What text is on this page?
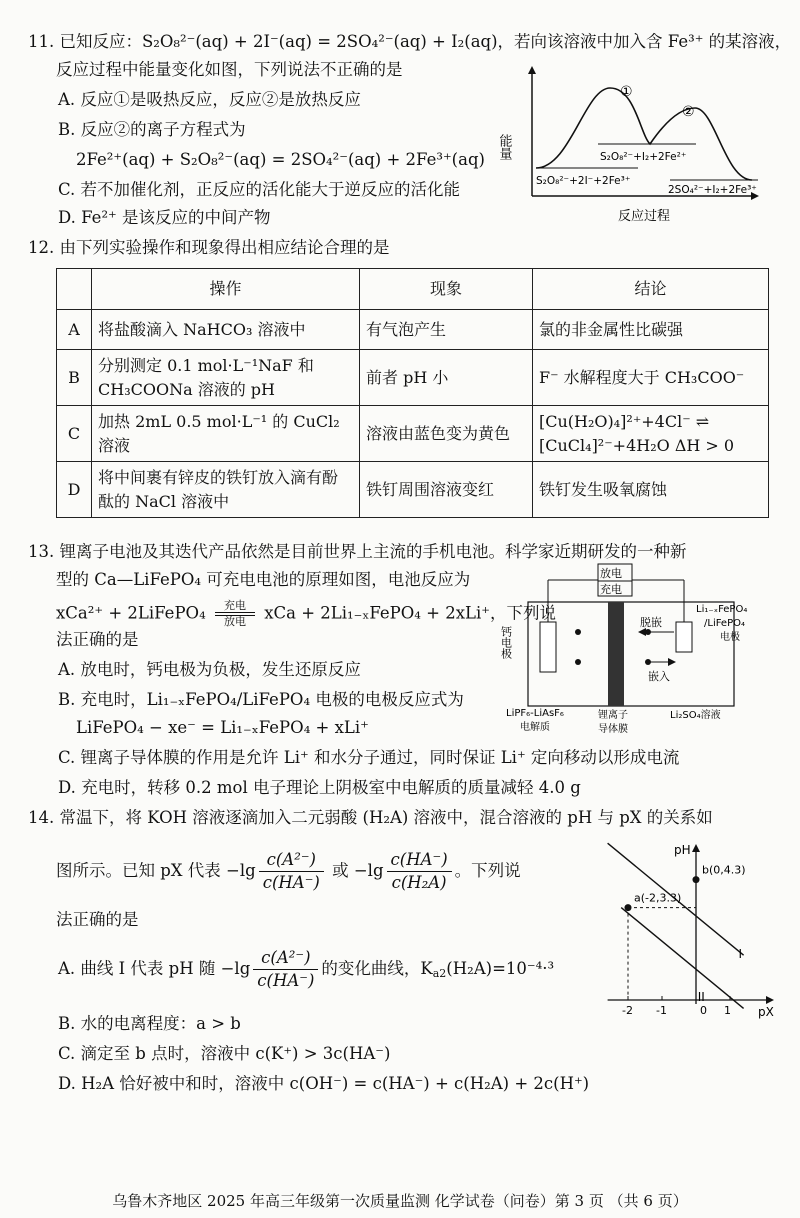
11. 已知反应：S₂O₈²⁻(aq) + 2I⁻(aq) = 2SO₄²⁻(aq) + I₂(aq)，若向该溶液中加入含 Fe³⁺ 的某溶液，
反应过程中能量变化如图，下列说法不正确的是
A. 反应①是吸热反应，反应②是放热反应
B. 反应②的离子方程式为
2Fe²⁺(aq) + S₂O₈²⁻(aq) = 2SO₄²⁻(aq) + 2Fe³⁺(aq)
C. 若不加催化剂，正反应的活化能大于逆反应的活化能
D. Fe²⁺ 是该反应的中间产物
能量
反应过程
①
②
S₂O₈²⁻+I₂+2Fe²⁺
S₂O₈²⁻+2I⁻+2Fe³⁺
2SO₄²⁻+I₂+2Fe³⁺
12. 由下列实验操作和现象得出相应结论合理的是
	操作	现象	结论
A	将盐酸滴入 NaHCO₃ 溶液中	有气泡产生	氯的非金属性比碳强
B	分别测定 0.1 mol·L⁻¹NaF 和
CH₃COONa 溶液的 pH	前者 pH 小	F⁻ 水解程度大于 CH₃COO⁻
C	加热 2mL 0.5 mol·L⁻¹ 的 CuCl₂ 溶液	溶液由蓝色变为黄色	[Cu(H₂O)₄]²⁺+4Cl⁻ ⇌
[CuCl₄]²⁻+4H₂O ΔH > 0
D	将中间裹有锌皮的铁钉放入滴有酚
酞的 NaCl 溶液中	铁钉周围溶液变红	铁钉发生吸氧腐蚀
13. 锂离子电池及其迭代产品依然是目前世界上主流的手机电池。科学家近期研发的一种新
型的 Ca—LiFePO₄ 可充电电池的原理如图，电池反应为
xCa²⁺ + 2LiFePO₄	充电
放电	xCa + 2Li₁₋ₓFePO₄ + 2xLi⁺，下列说
法正确的是
A. 放电时，钙电极为负极，发生还原反应
B. 充电时，Li₁₋ₓFePO₄/LiFePO₄ 电极的电极反应式为
LiFePO₄ − xe⁻ = Li₁₋ₓFePO₄ + xLi⁺
C. 锂离子导体膜的作用是允许 Li⁺ 和水分子通过，同时保证 Li⁺ 定向移动以形成电流
D. 充电时，转移 0.2 mol 电子理论上阴极室中电解质的质量减轻 4.0 g
放电
充电
钙电极
Li₁₋ₓFePO₄
/LiFePO₄
电极
脱嵌
嵌入
LiPF₆-LiAsF₆
电解质
锂离子
导体膜
Li₂SO₄溶液
14. 常温下，将 KOH 溶液逐滴加入二元弱酸 (H₂A) 溶液中，混合溶液的 pH 与 pX 的关系如
图所示。已知 pX 代表 $-\lg \frac{\text{c(A²⁻)}}{c(HA^-)}$ 或 $-\lg \frac{c(HA^-)}{\text{c(H₂A)}}$ 。下列说
法正确的是
A. 曲线 I 代表 pH 随 $-\lg \frac{\text{c(A²⁻)}}{c(HA^-)}$ 的变化曲线，$K_{a2}(H_2A)=10^{-4}\cdot^3$
B. 水的电离程度：a > b
C. 滴定至 b 点时，溶液中 c(K⁺) > 3c(HA⁻)
D. H₂A 恰好被中和时，溶液中 c(OH⁻) = c(HA⁻) + c(H₂A) + 2c(H⁺)
-2 -1	1
I
II
a(-2,3.3)
b(0,4.3)
pH
pX
0
乌鲁木齐地区 2025 年高三年级第一次质量监测 化学试卷（问卷）第 3 页 （共 6 页）
